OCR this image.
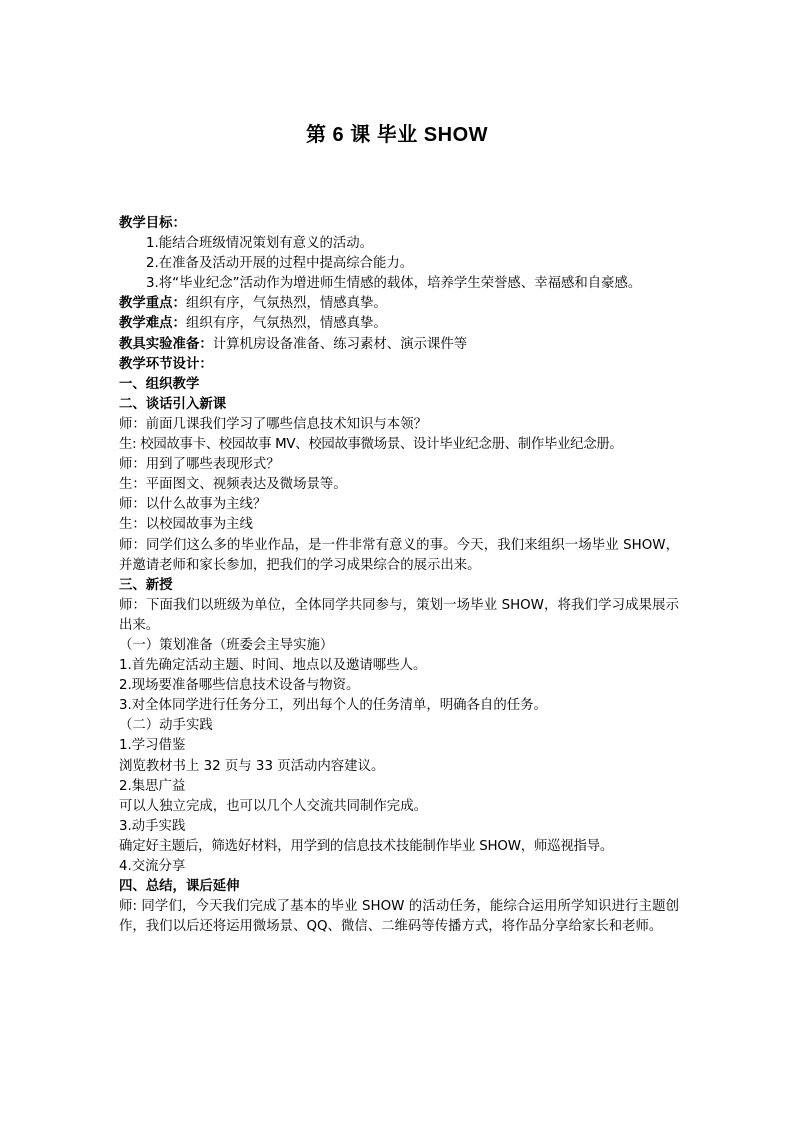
第 6 课 毕业 SHOW
教学目标：
1.能结合班级情况策划有意义的活动。
2.在准备及活动开展的过程中提高综合能力。
3.将“毕业纪念”活动作为增进师生情感的载体，培养学生荣誉感、幸福感和自豪感。
教学重点：组织有序，气氛热烈，情感真挚。
教学难点：组织有序，气氛热烈，情感真挚。
教具实验准备：计算机房设备准备、练习素材、演示课件等
教学环节设计：
一、组织教学
二、谈话引入新课
师：前面几课我们学习了哪些信息技术知识与本领？
生: 校园故事卡、校园故事 MV、校园故事微场景、设计毕业纪念册、制作毕业纪念册。
师：用到了哪些表现形式？
生：平面图文、视频表达及微场景等。
师：以什么故事为主线？
生：以校园故事为主线
师：同学们这么多的毕业作品，是一件非常有意义的事。今天，我们来组织一场毕业 SHOW，并邀请老师和家长参加，把我们的学习成果综合的展示出来。
三、新授
师：下面我们以班级为单位，全体同学共同参与，策划一场毕业 SHOW，将我们学习成果展示出来。
（一）策划准备（班委会主导实施）
1.首先确定活动主题、时间、地点以及邀请哪些人。
2.现场要准备哪些信息技术设备与物资。
3.对全体同学进行任务分工，列出每个人的任务清单，明确各自的任务。
（二）动手实践
1.学习借鉴
浏览教材书上 32 页与 33 页活动内容建议。
2.集思广益
可以人独立完成，也可以几个人交流共同制作完成。
3.动手实践
确定好主题后，筛选好材料，用学到的信息技术技能制作毕业 SHOW，师巡视指导。
4.交流分享
四、总结，课后延伸
师: 同学们，今天我们完成了基本的毕业 SHOW 的活动任务，能综合运用所学知识进行主题创作，我们以后还将运用微场景、QQ、微信、二维码等传播方式，将作品分享给家长和老师。
